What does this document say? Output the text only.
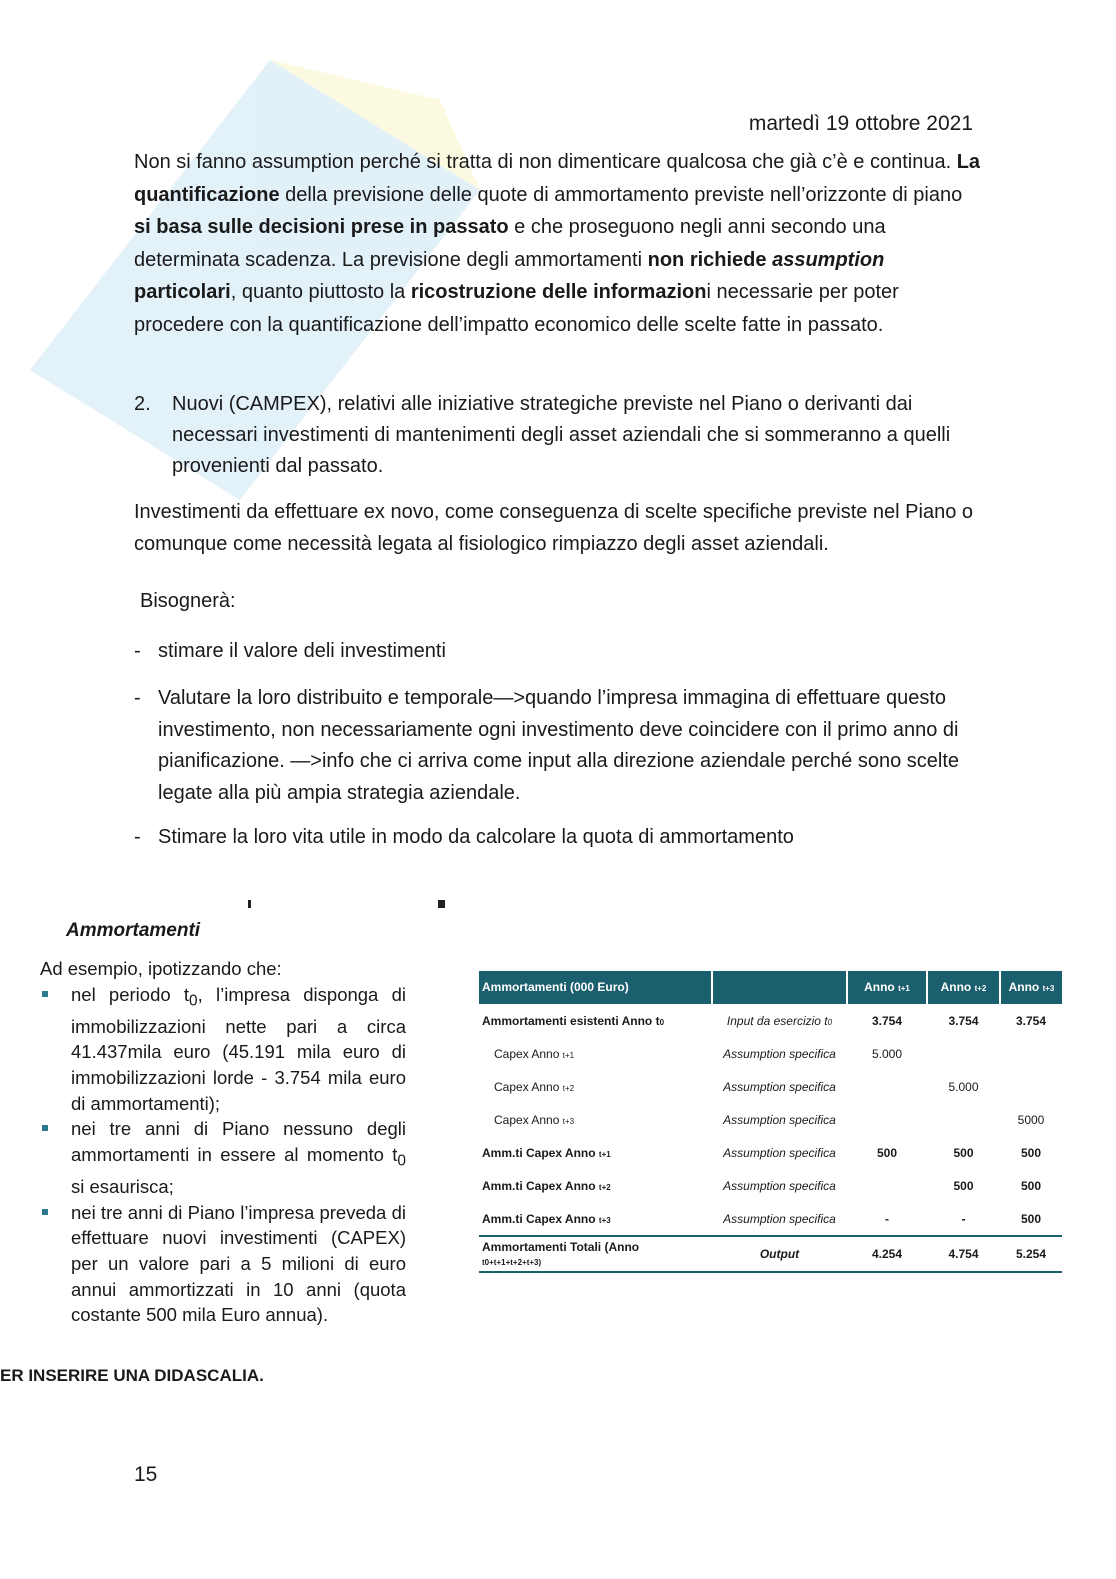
martedì 19 ottobre 2021
Non si fanno assumption perché si tratta di non dimenticare qualcosa che già c’è e continua. La quantificazione della previsione delle quote di ammortamento previste nell’orizzonte di piano si basa sulle decisioni prese in passato e che proseguono negli anni secondo una determinata scadenza. La previsione degli ammortamenti non richiede assumption particolari, quanto piuttosto la ricostruzione delle informazioni necessarie per poter procedere con la quantificazione dell’impatto economico delle scelte fatte in passato.
2.	Nuovi (CAMPEX), relativi alle iniziative strategiche previste nel Piano o derivanti dai necessari investimenti di mantenimenti degli asset aziendali che si sommeranno a quelli provenienti dal passato.
Investimenti da effettuare ex novo, come conseguenza di scelte specifiche previste nel Piano o comunque come necessità legata al fisiologico rimpiazzo degli asset aziendali.
Bisognerà:
- stimare il valore deli investimenti
- Valutare la loro distribuito e temporale—>quando l’impresa immagina di effettuare questo investimento, non necessariamente ogni investimento deve coincidere con il primo anno di pianificazione. —>info che ci arriva come input alla direzione aziendale perché sono scelte legate alla più ampia strategia aziendale.
- Stimare la loro vita utile in modo da calcolare la quota di ammortamento
Ammortamenti
Ad esempio, ipotizzando che:
nel periodo $t_0$, l’impresa disponga di immobilizzazioni nette pari a circa 41.437mila euro (45.191 mila euro di immobilizzazioni lorde - 3.754 mila euro di ammortamenti);
nei tre anni di Piano nessuno degli ammortamenti in essere al momento $t_0$ si esaurisca;
nei tre anni di Piano l’impresa preveda di effettuare nuovi investimenti (CAPEX) per un valore pari a 5 milioni di euro annui ammortizzati in 10 anni (quota costante 500 mila Euro annua).
Ammortamenti (000 Euro)		Anno t+1	Anno t+2	Anno t+3
Ammortamenti esistenti Anno t0	Input da esercizio t0	3.754	3.754	3.754
Capex Anno t+1	Assumption specifica	5.000		
Capex Anno t+2	Assumption specifica		5.000	
Capex Anno t+3	Assumption specifica			5000
Amm.ti Capex Anno t+1	Assumption specifica	500	500	500
Amm.ti Capex Anno t+2	Assumption specifica		500	500
Amm.ti Capex Anno t+3	Assumption specifica	-	-	500
Ammortamenti Totali (Anno
t0+t+1+t+2+t+3)	Output	4.254	4.754	5.254
ER INSERIRE UNA DIDASCALIA.
15
